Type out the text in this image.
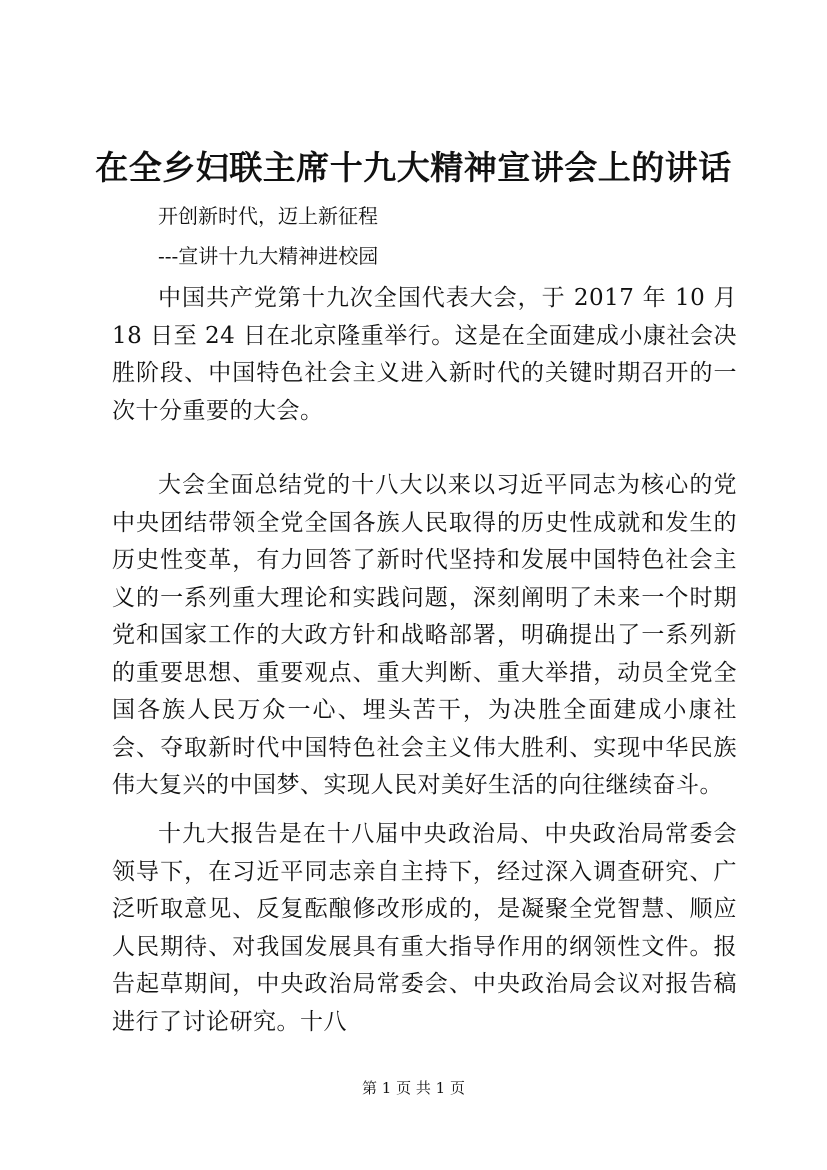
在全乡妇联主席十九大精神宣讲会上的讲话
开创新时代，迈上新征程
---宣讲十九大精神进校园

中国共产党第十九次全国代表大会，于 2017 年 10 月 18 日至 24 日在北京隆重举行。这是在全面建成小康社会决胜阶段、中国特色社会主义进入新时代的关键时期召开的一次十分重要的大会。

大会全面总结党的十八大以来以习近平同志为核心的党中央团结带领全党全国各族人民取得的历史性成就和发生的历史性变革，有力回答了新时代坚持和发展中国特色社会主义的一系列重大理论和实践问题，深刻阐明了未来一个时期党和国家工作的大政方针和战略部署，明确提出了一系列新的重要思想、重要观点、重大判断、重大举措，动员全党全国各族人民万众一心、埋头苦干，为决胜全面建成小康社会、夺取新时代中国特色社会主义伟大胜利、实现中华民族伟大复兴的中国梦、实现人民对美好生活的向往继续奋斗。

十九大报告是在十八届中央政治局、中央政治局常委会领导下，在习近平同志亲自主持下，经过深入调查研究、广泛听取意见、反复酝酿修改形成的，是凝聚全党智慧、顺应人民期待、对我国发展具有重大指导作用的纲领性文件。报告起草期间，中央政治局常委会、中央政治局会议对报告稿进行了讨论研究。十八

第 1 页 共 1 页
